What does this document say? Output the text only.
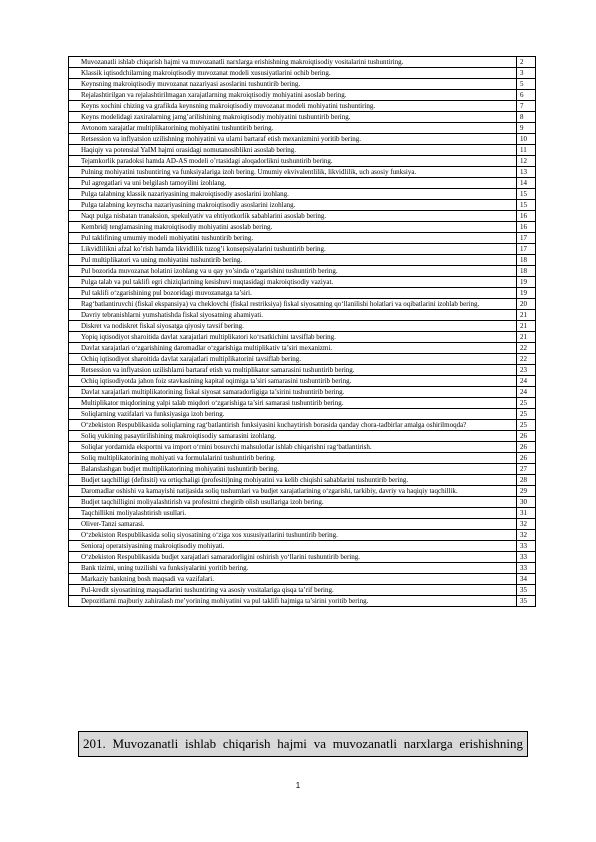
Muvozanatli ishlab chiqarish hajmi va muvozanatli narxlarga erishishning makroiqtisodiy vositalarini tushuntiring.	2
Klassik iqtisodchilarning makroiqtisodiy muvozanat modeli xususiyatlarini ochib bering.	3
Keynsning makroiqtisodiy muvozanat nazariyasi asoslarini tushuntirib bering.	5
Rejalashtirilgan va rejalashtirilmagan xarajatlarning makroiqtisodiy mohiyatini asoslab bering.	6
Keyns xochini chizing va grafikda keynsning makroiqtisodiy muvozanat modeli mohiyatini tushuntiring.	7
Keyns modelidagi zaxiralarning jamg’arilishining makroiqtisodiy mohiyatini tushuntirib bering.	8
Avtonom xarajatlar multiplikatorining mohiyatini tushuntirib bering.	9
Retsession va inflyatsion uzilishning mohiyatini va ularni bartaraf etish mexanizmini yoritib bering.	10
Haqiqiy va potensial YaIM hajmi orasidagi nomutanosiblikni asoslab bering.	11
Tejamkorlik paradoksi hamda AD-AS modeli o’rtasidagi aloqadorlikni tushuntirib bering.	12
Pulning mohiyatini tushuntiring va funksiyalariga izoh bering. Umumiy ekvivalentlilik, likvidlilik, uch asosiy funksiya.	13
Pul agregatlari va uni belgilash tamoyilini izohlang.	14
Pulga talabning klassik nazariyasining makroiqtisodiy asoslarini izohlang.	15
Pulga talabning keynscha nazariyasining makroiqtisodiy asoslarini izohlang.	15
Naqt pulga nisbatan tranaksion, spekulyativ va ehtiyotkorlik sabablarini asoslab bering.	16
Kembridj tenglamasining makroiqtisodiy mohiyatini asoslab bering.	16
Pul taklifining umumiy modeli mohiyatini tushuntirib bering.	17
Likvidlilikni afzal ko’rish hamda likvidlilik tuzog’i konsepsiyalarini tushuntirib bering.	17
Pul multiplikatori va uning mohiyatini tushuntirib bering.	18
Pul bozorida muvozanat holatini izohlang va u qay yo’sinda o‘zgarishini tushuntirib bering.	18
Pulga talab va pul taklifi egri chiziqlarining kesishuvi nuqtasidagi makroiqtisodiy vaziyat.	19
Pul taklifi o‘zgarishining pul bozoridagi muvozanatga ta’siri.	19
Rag‘batlantiruvchi (fiskal ekspansiya) va cheklovchi (fiskal restriksiya) fiskal siyosatning qo‘llanilishi holatlari va oqibatlarini izohlab bering.	20
Davriy tebranishlarni yumshatishda fiskal siyosatning ahamiyati.	21
Diskret va nodiskret fiskal siyosatga qiyosiy tavsif bering.	21
Yopiq iqtisodiyot sharoitida davlat xarajatlari multiplikatori ko‘rsatkichini tavsiflab bering.	21
Davlat xarajatlari o‘zgarishining daromadlar o‘zgarishiga multiplikativ ta’siri mexanizmi.	22
Ochiq iqtisodiyot sharoitida davlat xarajatlari multiplikatorini tavsiflab bering.	22
Retsession va inflyatsion uzilishlarni bartaraf etish va multiplikator samarasini tushuntirib bering.	23
Ochiq iqtisodiyotda jahon foiz stavkasining kapital oqimiga ta’siri samarasini tushuntirib bering.	24
Davlat xarajatlari multiplikatorining fiskal siyosat samaradorligiga ta’sirini tushuntirib bering.	24
Multiplikator miqdorining yalpi talab miqdori o‘zgarishiga ta’siri samarasi tushuntirib bering.	25
Soliqlarning vazifalari va funksiyasiga izoh bering.	25
O‘zbekiston Respublikasida soliqlarning rag‘batlantirish funksiyasini kuchaytirish borasida qanday chora-tadbirlar amalga oshirilmoqda?	25
Soliq yukining pasaytirilishining makroiqtisodiy samarasini izohlang.	26
Soliqlar yordamida eksportni va import o‘rnini bosuvchi mahsulotlar ishlab chiqarishni rag‘batlantirish.	26
Soliq multiplikatorining mohiyati va formulalarini tushuntirib bering.	26
Balanslashgan budjet multiplikatorining mohiyatini tushuntirib bering.	27
Budjet taqchilligi (defitsiti) va ortiqchaligi (profesiti)ning mohiyatini va kelib chiqishi sabablarini tushuntirib bering.	28
Daromadlar oshishi va kamayishi natijasida soliq tushumlari va budjet xarajatlarining o‘zgarishi, tarkibiy, davriy va haqiqiy taqchillik.	29
Budjet taqchilligini moliyalashtirish va profesitni chegirib olish usullariga izoh bering.	30
Taqchillikni moliyalashtirish usullari.	31
Oliver-Tanzi samarasi.	32
O‘zbekiston Respublikasida soliq siyosatining o‘ziga xos xususiyatlarini tushuntirib bering.	32
Senioraj operatsiyasining makroiqtisodiy mohiyati.	33
O‘zbekiston Respublikasida budjet xarajatlari samaradorligini oshirish yo‘llarini tushuntirib bering.	33
Bank tizimi, uning tuzilishi va funksiyalarini yoritib bering.	33
Markaziy bankning bosh maqsadi va vazifalari.	34
Pul-kredit siyosatining maqsadlarini tushuntiring va asosiy vositalariga qisqa ta’rif bering.	35
Depozitlarni majburiy zahiralash me’yorining mohiyatini va pul taklifi hajmiga ta’sirini yoritib bering.	35
201. Muvozanatli ishlab chiqarish hajmi va muvozanatli narxlarga erishishning
1
